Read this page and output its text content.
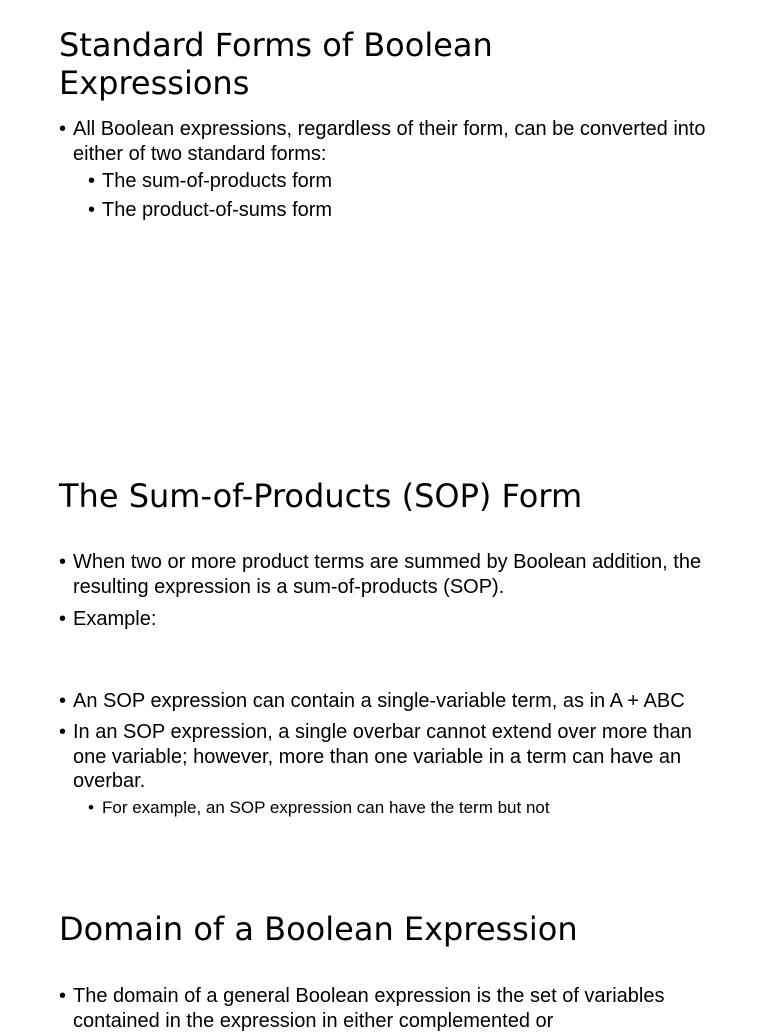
Standard Forms of Boolean Expressions

• All Boolean expressions, regardless of their form, can be converted into either of two standard forms:

• The sum-of-products form

• The product-of-sums form

The Sum-of-Products (SOP) Form

• When two or more product terms are summed by Boolean addition, the resulting expression is a sum-of-products (SOP).

• Example:

• An SOP expression can contain a single-variable term, as in A + ABC

• In an SOP expression, a single overbar cannot extend over more than one variable; however, more than one variable in a term can have an overbar.

• For example, an SOP expression can have the term but not

Domain of a Boolean Expression

• The domain of a general Boolean expression is the set of variables contained in the expression in either complemented or
